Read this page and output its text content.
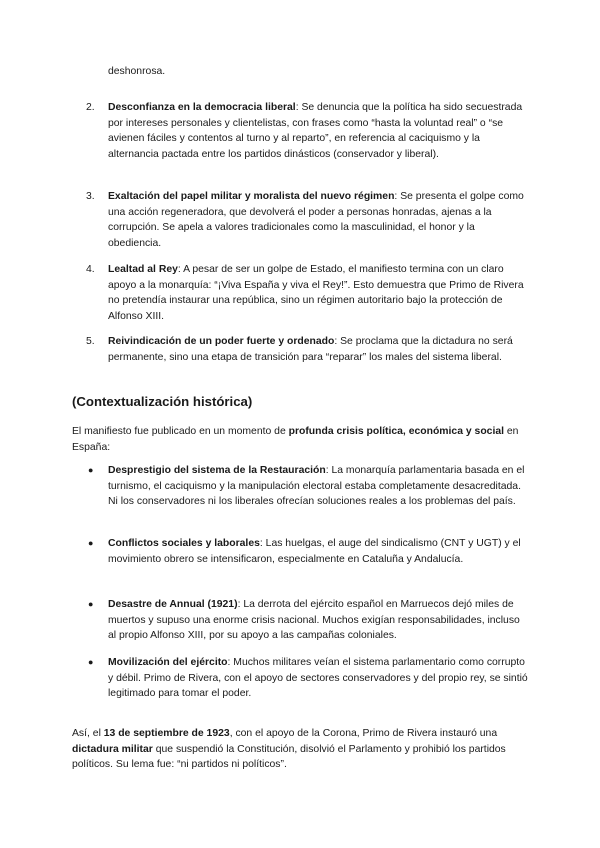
deshonrosa.
2.	Desconfianza en la democracia liberal: Se denuncia que la política ha sido secuestrada por intereses personales y clientelistas, con frases como “hasta la voluntad real” o “se avienen fáciles y contentos al turno y al reparto”, en referencia al caciquismo y la alternancia pactada entre los partidos dinásticos (conservador y liberal).
3.	Exaltación del papel militar y moralista del nuevo régimen: Se presenta el golpe como una acción regeneradora, que devolverá el poder a personas honradas, ajenas a la corrupción. Se apela a valores tradicionales como la masculinidad, el honor y la obediencia.
4.	Lealtad al Rey: A pesar de ser un golpe de Estado, el manifiesto termina con un claro apoyo a la monarquía: “¡Viva España y viva el Rey!”. Esto demuestra que Primo de Rivera no pretendía instaurar una república, sino un régimen autoritario bajo la protección de Alfonso XIII.
5.	Reivindicación de un poder fuerte y ordenado: Se proclama que la dictadura no será permanente, sino una etapa de transición para “reparar” los males del sistema liberal.
(Contextualización histórica)
El manifiesto fue publicado en un momento de profunda crisis política, económica y social en España:
●	Desprestigio del sistema de la Restauración: La monarquía parlamentaria basada en el turnismo, el caciquismo y la manipulación electoral estaba completamente desacreditada. Ni los conservadores ni los liberales ofrecían soluciones reales a los problemas del país.
●	Conflictos sociales y laborales: Las huelgas, el auge del sindicalismo (CNT y UGT) y el movimiento obrero se intensificaron, especialmente en Cataluña y Andalucía.
●	Desastre de Annual (1921): La derrota del ejército español en Marruecos dejó miles de muertos y supuso una enorme crisis nacional. Muchos exigían responsabilidades, incluso al propio Alfonso XIII, por su apoyo a las campañas coloniales.
●	Movilización del ejército: Muchos militares veían el sistema parlamentario como corrupto y débil. Primo de Rivera, con el apoyo de sectores conservadores y del propio rey, se sintió legitimado para tomar el poder.
Así, el 13 de septiembre de 1923, con el apoyo de la Corona, Primo de Rivera instauró una dictadura militar que suspendió la Constitución, disolvió el Parlamento y prohibió los partidos políticos. Su lema fue: “ni partidos ni políticos”.
